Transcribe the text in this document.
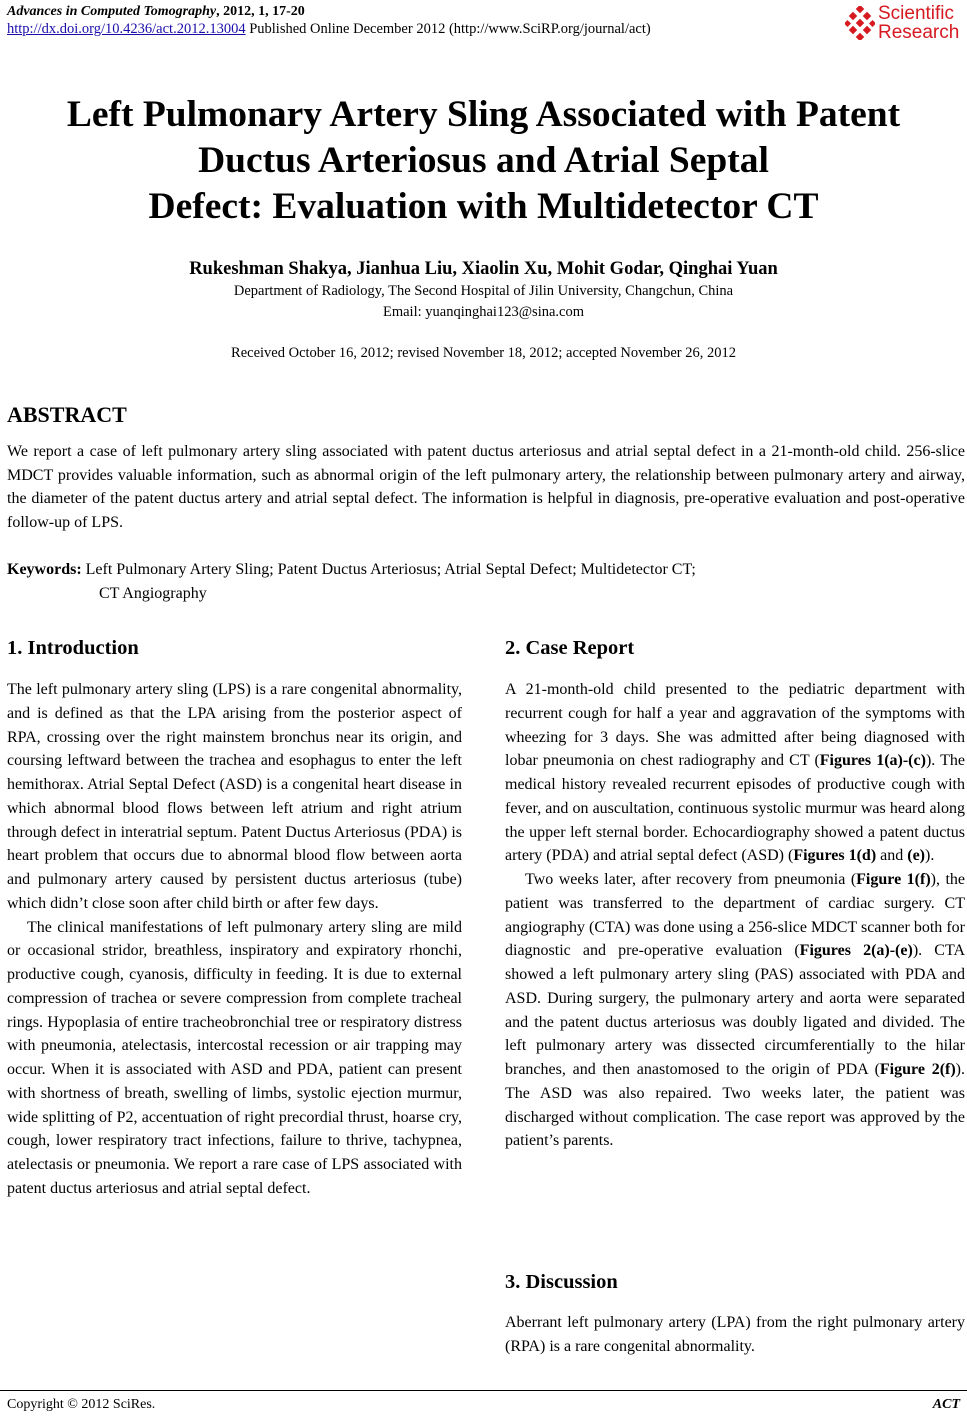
Advances in Computed Tomography, 2012, 1, 17-20
http://dx.doi.org/10.4236/act.2012.13004 Published Online December 2012 (http://www.SciRP.org/journal/act)
Scientific
Research
Left Pulmonary Artery Sling Associated with Patent
Ductus Arteriosus and Atrial Septal
Defect: Evaluation with Multidetector CT
Rukeshman Shakya, Jianhua Liu, Xiaolin Xu, Mohit Godar, Qinghai Yuan
Department of Radiology, The Second Hospital of Jilin University, Changchun, China
Email: yuanqinghai123@sina.com
Received October 16, 2012; revised November 18, 2012; accepted November 26, 2012
ABSTRACT
We report a case of left pulmonary artery sling associated with patent ductus arteriosus and atrial septal defect in a 21-month-old child. 256-slice MDCT provides valuable information, such as abnormal origin of the left pulmonary artery, the relationship between pulmonary artery and airway, the diameter of the patent ductus artery and atrial septal defect. The information is helpful in diagnosis, pre-operative evaluation and post-operative follow-up of LPS.
Keywords: Left Pulmonary Artery Sling; Patent Ductus Arteriosus; Atrial Septal Defect; Multidetector CT;
CT Angiography
1. Introduction

The left pulmonary artery sling (LPS) is a rare congenital abnormality, and is defined as that the LPA arising from the posterior aspect of RPA, crossing over the right mainstem bronchus near its origin, and coursing leftward between the trachea and esophagus to enter the left hemithorax. Atrial Septal Defect (ASD) is a congenital heart disease in which abnormal blood flows between left atrium and right atrium through defect in interatrial septum. Patent Ductus Arteriosus (PDA) is heart problem that occurs due to abnormal blood flow between aorta and pulmonary artery caused by persistent ductus arteriosus (tube) which didn’t close soon after child birth or after few days.

The clinical manifestations of left pulmonary artery sling are mild or occasional stridor, breathless, inspiratory and expiratory rhonchi, productive cough, cyanosis, difficulty in feeding. It is due to external compression of trachea or severe compression from complete tracheal rings. Hypoplasia of entire tracheobronchial tree or respiratory distress with pneumonia, atelectasis, intercostal recession or air trapping may occur. When it is associated with ASD and PDA, patient can present with shortness of breath, swelling of limbs, systolic ejection murmur, wide splitting of P2, accentuation of right precordial thrust, hoarse cry, cough, lower respiratory tract infections, failure to thrive, tachypnea, atelectasis or pneumonia. We report a rare case of LPS associated with patent ductus arteriosus and atrial septal defect.

2. Case Report

A 21-month-old child presented to the pediatric department with recurrent cough for half a year and aggravation of the symptoms with wheezing for 3 days. She was admitted after being diagnosed with lobar pneumonia on chest radiography and CT (Figures 1(a)-(c)). The medical history revealed recurrent episodes of productive cough with fever, and on auscultation, continuous systolic murmur was heard along the upper left sternal border. Echocardiography showed a patent ductus artery (PDA) and atrial septal defect (ASD) (Figures 1(d) and (e)).

Two weeks later, after recovery from pneumonia (Figure 1(f)), the patient was transferred to the department of cardiac surgery. CT angiography (CTA) was done using a 256-slice MDCT scanner both for diagnostic and pre-operative evaluation (Figures 2(a)-(e)). CTA showed a left pulmonary artery sling (PAS) associated with PDA and ASD. During surgery, the pulmonary artery and aorta were separated and the patent ductus arteriosus was doubly ligated and divided. The left pulmonary artery was dissected circumferentially to the hilar branches, and then anastomosed to the origin of PDA (Figure 2(f)). The ASD was also repaired. Two weeks later, the patient was discharged without complication. The case report was approved by the patient’s parents.

3. Discussion

Aberrant left pulmonary artery (LPA) from the right pulmonary artery (RPA) is a rare congenital abnormality.

Copyright © 2012 SciRes.	ACT
